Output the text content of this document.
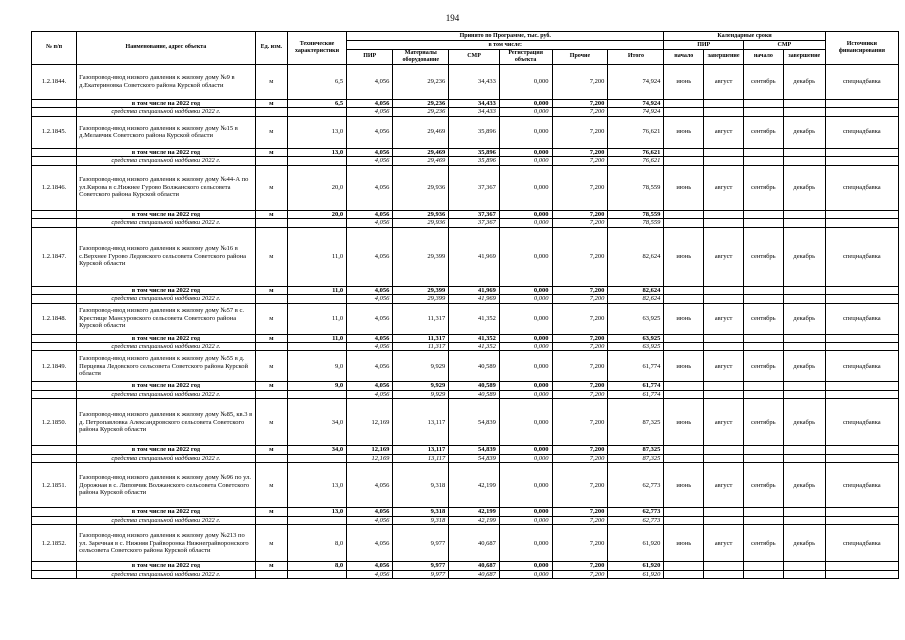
194
№ п/п	Наименование, адрес объекта	Ед. изм.	Технические характеристики	Принято по Программе, тыс. руб.						Календарные сроки				Источники финансирования
				в том числе:						ПИР		СМР		
				ПИР	Материалы оборудование	СМР	Регистрация объекта	Прочие	Итого	начало	завершение	начало	завершение	
1.2.1844.	Газопровод-ввод низкого давления к жилому дому №9 в д.Екатериновка Советского района Курской области	м	6,5	4,056	29,236	34,433	0,000	7,200	74,924	июнь	август	сентябрь	декабрь	спецнадбавка
	в том числе на 2022 год	м	6,5	4,056	29,236	34,433	0,000	7,200	74,924					
	средства специальной надбавки 2022 г.			4,056	29,236	34,433	0,000	7,200	74,924					
1.2.1845.	Газопровод-ввод низкого давления к жилому дому №15 в д.Мелавчик Советского района Курской области	м	13,0	4,056	29,469	35,896	0,000	7,200	76,621	июнь	август	сентябрь	декабрь	спецнадбавка
	в том числе на 2022 год	м	13,0	4,056	29,469	35,896	0,000	7,200	76,621					
	средства специальной надбавки 2022 г.			4,056	29,469	35,896	0,000	7,200	76,621					
1.2.1846.	Газопровод-ввод низкого давления к жилому дому №44-А по ул.Кирова в с.Нижнее Гурово Волжанского сельсовета Советского района Курской области	м	20,0	4,056	29,936	37,367	0,000	7,200	78,559	июнь	август	сентябрь	декабрь	спецнадбавка
	в том числе на 2022 год	м	20,0	4,056	29,936	37,367	0,000	7,200	78,559					
	средства специальной надбавки 2022 г.			4,056	29,936	37,367	0,000	7,200	78,559					
1.2.1847.	Газопровод-ввод низкого давления к жилому дому №16 в с.Верхнее Гурово Ледовского сельсовета Советского района Курской области	м	11,0	4,056	29,399	41,969	0,000	7,200	82,624	июнь	август	сентябрь	декабрь	спецнадбавка
	в том числе на 2022 год	м	11,0	4,056	29,399	41,969	0,000	7,200	82,624					
	средства специальной надбавки 2022 г.			4,056	29,399	41,969	0,000	7,200	82,624					
1.2.1848.	Газопровод-ввод низкого давления к жилому дому №57 в с. Крестище Мансуровского сельсовета Советского района Курской области	м	11,0	4,056	11,317	41,352	0,000	7,200	63,925	июнь	август	сентябрь	декабрь	спецнадбавка
	в том числе на 2022 год	м	11,0	4,056	11,317	41,352	0,000	7,200	63,925					
	средства специальной надбавки 2022 г.			4,056	11,317	41,352	0,000	7,200	63,925					
1.2.1849.	Газопровод-ввод низкого давления к жилому дому №55 в д. Перцевка Ледовского сельсовета Советского района Курской области	м	9,0	4,056	9,929	40,589	0,000	7,200	61,774	июнь	август	сентябрь	декабрь	спецнадбавка
	в том числе на 2022 год	м	9,0	4,056	9,929	40,589	0,000	7,200	61,774					
	средства специальной надбавки 2022 г.			4,056	9,929	40,589	0,000	7,200	61,774					
1.2.1850.	Газопровод-ввод низкого давления к жилому дому №85, кв.3 в д. Петропавловка Александровского сельсовета Советского района Курской области	м	34,0	12,169	13,117	54,839	0,000	7,200	87,325	июнь	август	сентябрь	декабрь	спецнадбавка
	в том числе на 2022 год	м	34,0	12,169	13,117	54,839	0,000	7,200	87,325					
	средства специальной надбавки 2022 г.			12,169	13,117	54,839	0,000	7,200	87,325					
1.2.1851.	Газопровод-ввод низкого давления к жилому дому №96 по ул. Дорожная в с. Липовчик Волжанского сельсовета Советского района Курской области	м	13,0	4,056	9,318	42,199	0,000	7,200	62,773	июнь	август	сентябрь	декабрь	спецнадбавка
	в том числе на 2022 год	м	13,0	4,056	9,318	42,199	0,000	7,200	62,773					
	средства специальной надбавки 2022 г.			4,056	9,318	42,199	0,000	7,200	62,773					
1.2.1852.	Газопровод-ввод низкого давления к жилому дому №213 по ул. Заречная в с. Нижняя Грайворонка Нижнеграйворонского сельсовета Советского района Курской области	м	8,0	4,056	9,977	40,687	0,000	7,200	61,920	июнь	август	сентябрь	декабрь	спецнадбавка
	в том числе на 2022 год	м	8,0	4,056	9,977	40,687	0,000	7,200	61,920					
	средства специальной надбавки 2022 г.			4,056	9,977	40,687	0,000	7,200	61,920					
